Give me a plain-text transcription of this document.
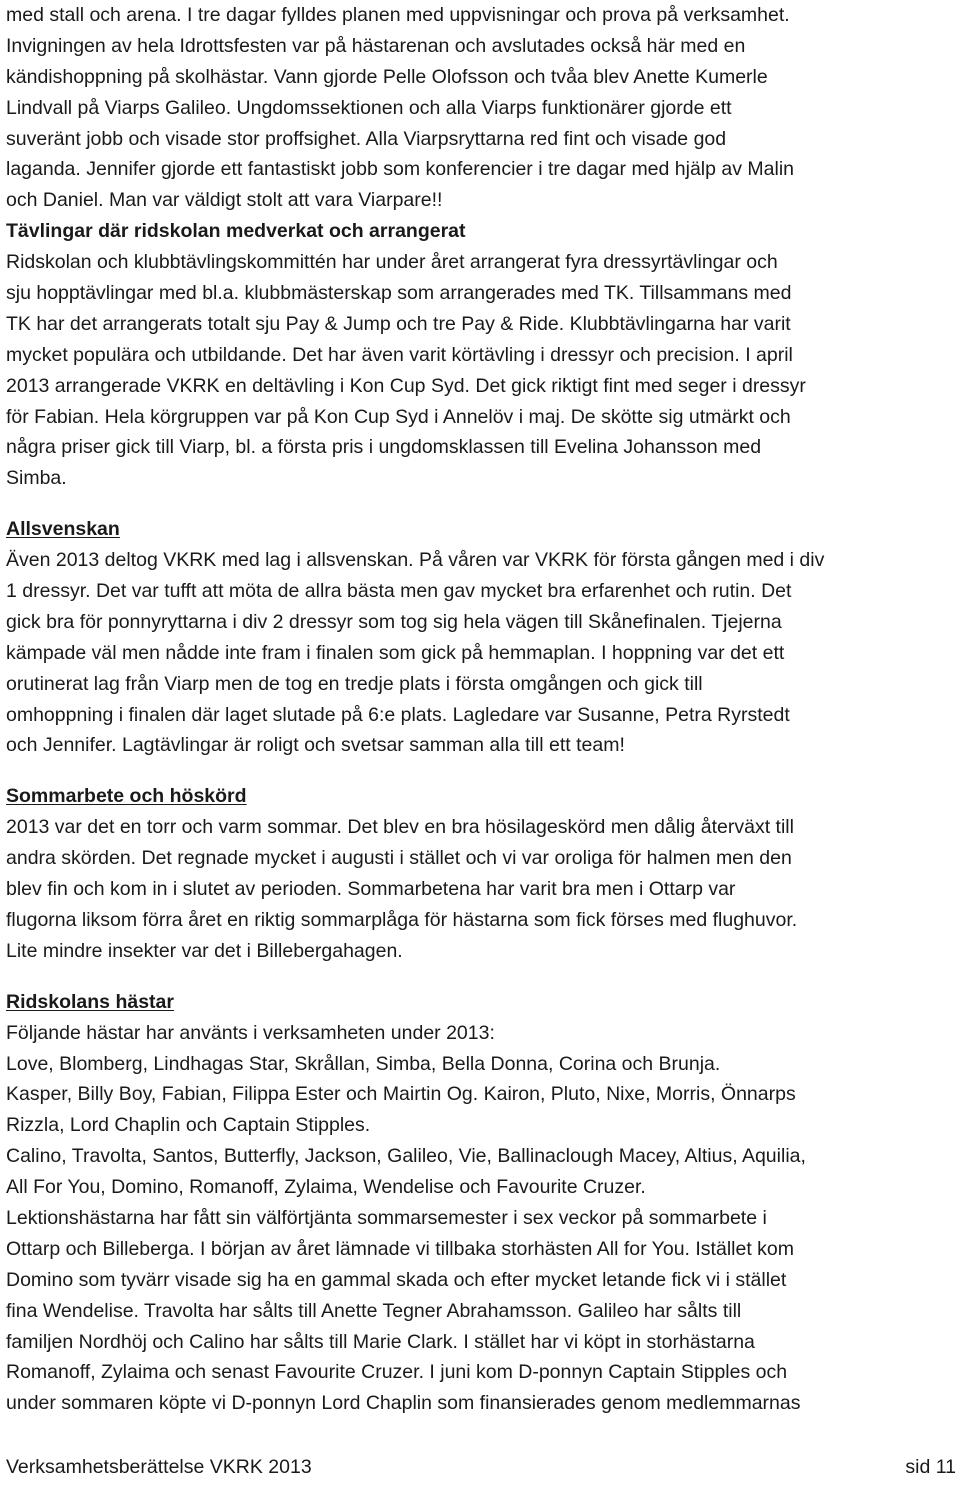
med stall och arena. I tre dagar fylldes planen med uppvisningar och prova på verksamhet.
Invigningen av hela Idrottsfesten var på hästarenan och avslutades också här med en
kändishoppning på skolhästar. Vann gjorde Pelle Olofsson och tvåa blev Anette Kumerle
Lindvall på Viarps Galileo. Ungdomssektionen och alla Viarps funktionärer gjorde ett
suveränt jobb och visade stor proffsighet. Alla Viarpsryttarna red fint och visade god
laganda. Jennifer gjorde ett fantastiskt jobb som konferencier i tre dagar med hjälp av Malin
och Daniel. Man var väldigt stolt att vara Viarpare!!
Tävlingar där ridskolan medverkat och arrangerat
Ridskolan och klubbtävlingskommittén har under året arrangerat fyra dressyrtävlingar och
sju hopptävlingar med bl.a. klubbmästerskap som arrangerades med TK. Tillsammans med
TK har det arrangerats totalt sju Pay & Jump och tre Pay & Ride. Klubbtävlingarna har varit
mycket populära och utbildande. Det har även varit körtävling i dressyr och precision. I april
2013 arrangerade VKRK en deltävling i Kon Cup Syd. Det gick riktigt fint med seger i dressyr
för Fabian. Hela körgruppen var på Kon Cup Syd i Annelöv i maj. De skötte sig utmärkt och
några priser gick till Viarp, bl. a första pris i ungdomsklassen till Evelina Johansson med
Simba.
Allsvenskan
Även 2013 deltog VKRK med lag i allsvenskan. På våren var VKRK för första gången med i div
1 dressyr. Det var tufft att möta de allra bästa men gav mycket bra erfarenhet och rutin. Det
gick bra för ponnyryttarna i div 2 dressyr som tog sig hela vägen till Skånefinalen. Tjejerna
kämpade väl men nådde inte fram i finalen som gick på hemmaplan. I hoppning var det ett
orutinerat lag från Viarp men de tog en tredje plats i första omgången och gick till
omhoppning i finalen där laget slutade på 6:e plats. Lagledare var Susanne, Petra Ryrstedt
och Jennifer. Lagtävlingar är roligt och svetsar samman alla till ett team!
Sommarbete och höskörd
2013 var det en torr och varm sommar. Det blev en bra hösilageskörd men dålig återväxt till
andra skörden. Det regnade mycket i augusti i stället och vi var oroliga för halmen men den
blev fin och kom in i slutet av perioden. Sommarbetena har varit bra men i Ottarp var
flugorna liksom förra året en riktig sommarplåga för hästarna som fick förses med flughuvor.
Lite mindre insekter var det i Billebergahagen.
Ridskolans hästar
Följande hästar har använts i verksamheten under 2013:
Love, Blomberg, Lindhagas Star, Skrållan, Simba, Bella Donna, Corina och Brunja.
Kasper, Billy Boy, Fabian, Filippa Ester och Mairtin Og. Kairon, Pluto, Nixe, Morris, Önnarps
Rizzla, Lord Chaplin och Captain Stipples.
Calino, Travolta, Santos, Butterfly, Jackson, Galileo, Vie, Ballinaclough Macey, Altius, Aquilia,
All For You, Domino, Romanoff, Zylaima, Wendelise och Favourite Cruzer.
Lektionshästarna har fått sin välförtjänta sommarsemester i sex veckor på sommarbete i
Ottarp och Billeberga. I början av året lämnade vi tillbaka storhästen All for You. Istället kom
Domino som tyvärr visade sig ha en gammal skada och efter mycket letande fick vi i stället
fina Wendelise. Travolta har sålts till Anette Tegner Abrahamsson. Galileo har sålts till
familjen Nordhöj och Calino har sålts till Marie Clark. I stället har vi köpt in storhästarna
Romanoff, Zylaima och senast Favourite Cruzer. I juni kom D-ponnyn Captain Stipples och
under sommaren köpte vi D-ponnyn Lord Chaplin som finansierades genom medlemmarnas
Verksamhetsberättelse VKRK 2013	sid 11
